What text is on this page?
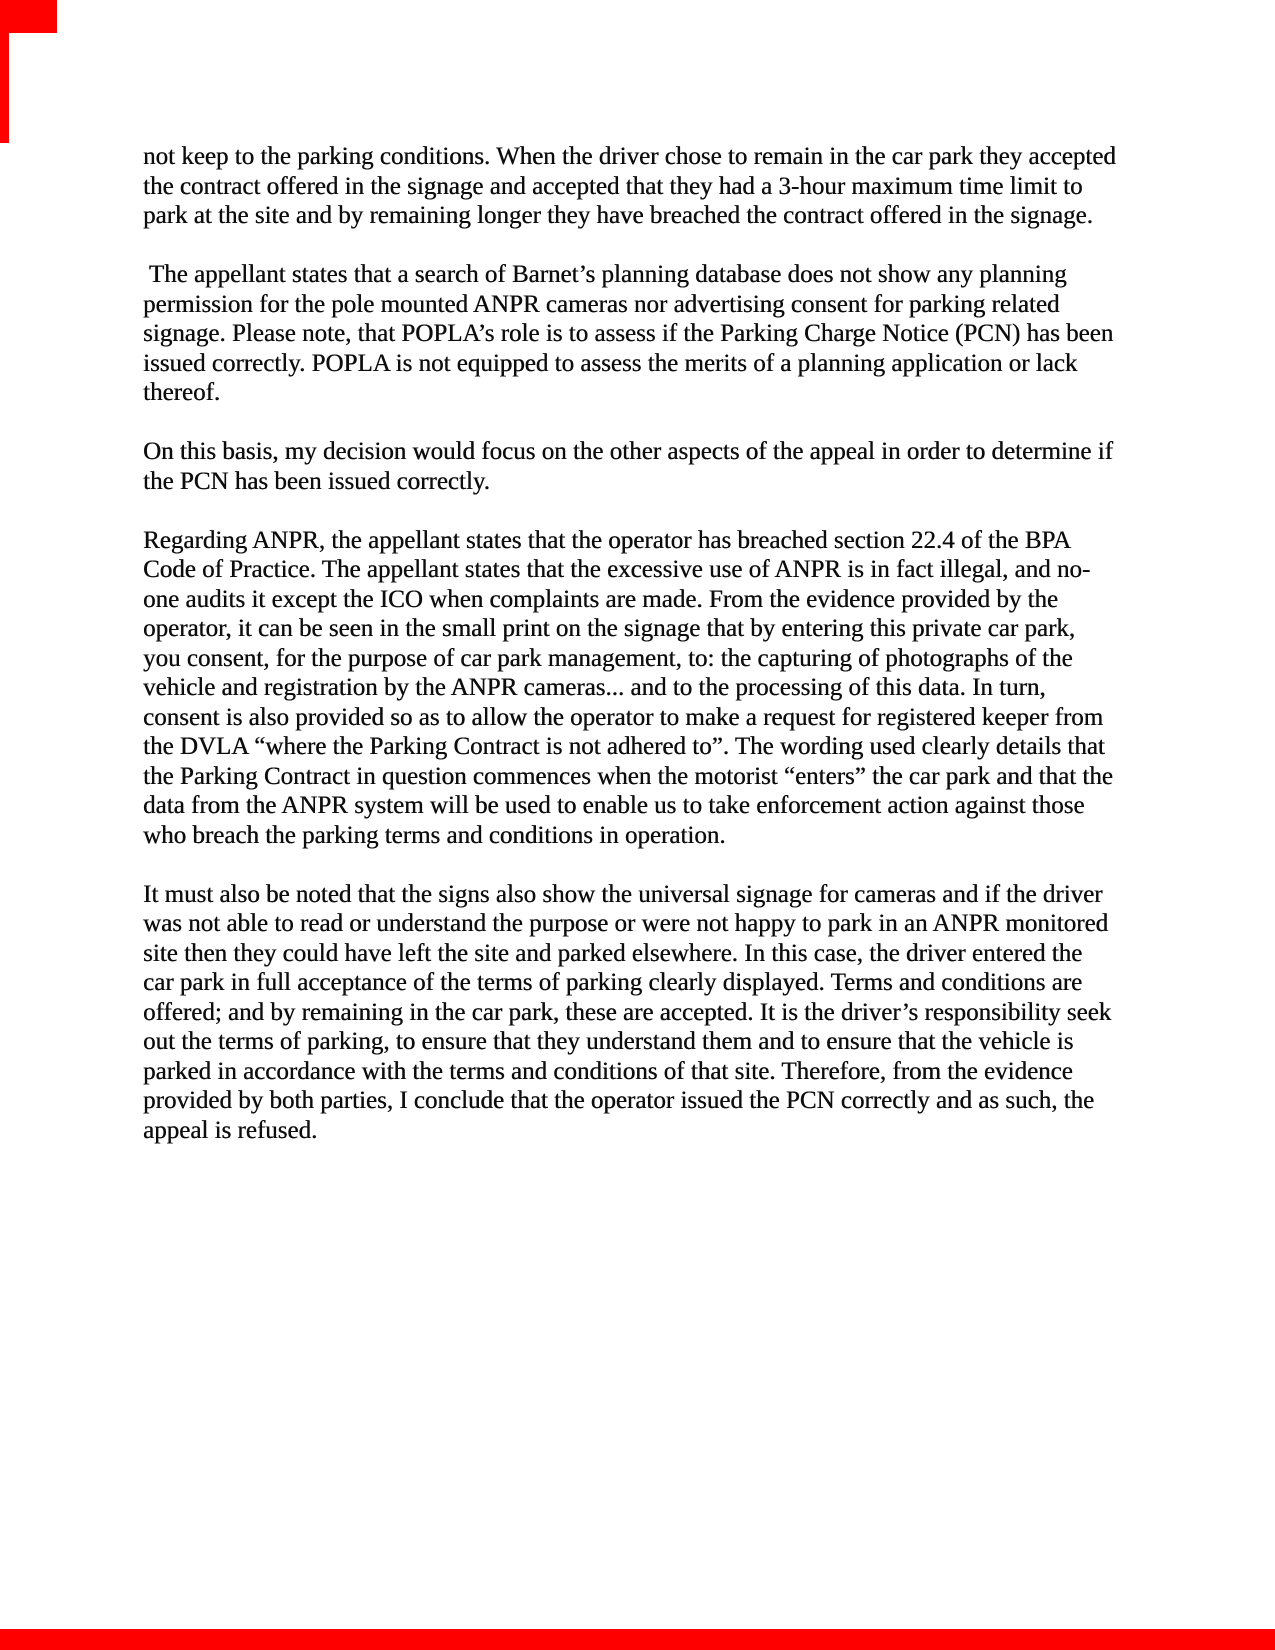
not keep to the parking conditions. When the driver chose to remain in the car park they accepted
the contract offered in the signage and accepted that they had a 3-hour maximum time limit to
park at the site and by remaining longer they have breached the contract offered in the signage.

The appellant states that a search of Barnet’s planning database does not show any planning
permission for the pole mounted ANPR cameras nor advertising consent for parking related
signage. Please note, that POPLA’s role is to assess if the Parking Charge Notice (PCN) has been
issued correctly. POPLA is not equipped to assess the merits of a planning application or lack
thereof.

On this basis, my decision would focus on the other aspects of the appeal in order to determine if
the PCN has been issued correctly.

Regarding ANPR, the appellant states that the operator has breached section 22.4 of the BPA
Code of Practice. The appellant states that the excessive use of ANPR is in fact illegal, and no-
one audits it except the ICO when complaints are made. From the evidence provided by the
operator, it can be seen in the small print on the signage that by entering this private car park,
you consent, for the purpose of car park management, to: the capturing of photographs of the
vehicle and registration by the ANPR cameras... and to the processing of this data. In turn,
consent is also provided so as to allow the operator to make a request for registered keeper from
the DVLA “where the Parking Contract is not adhered to”. The wording used clearly details that
the Parking Contract in question commences when the motorist “enters” the car park and that the
data from the ANPR system will be used to enable us to take enforcement action against those
who breach the parking terms and conditions in operation.

It must also be noted that the signs also show the universal signage for cameras and if the driver
was not able to read or understand the purpose or were not happy to park in an ANPR monitored
site then they could have left the site and parked elsewhere. In this case, the driver entered the
car park in full acceptance of the terms of parking clearly displayed. Terms and conditions are
offered; and by remaining in the car park, these are accepted. It is the driver’s responsibility seek
out the terms of parking, to ensure that they understand them and to ensure that the vehicle is
parked in accordance with the terms and conditions of that site. Therefore, from the evidence
provided by both parties, I conclude that the operator issued the PCN correctly and as such, the
appeal is refused.
